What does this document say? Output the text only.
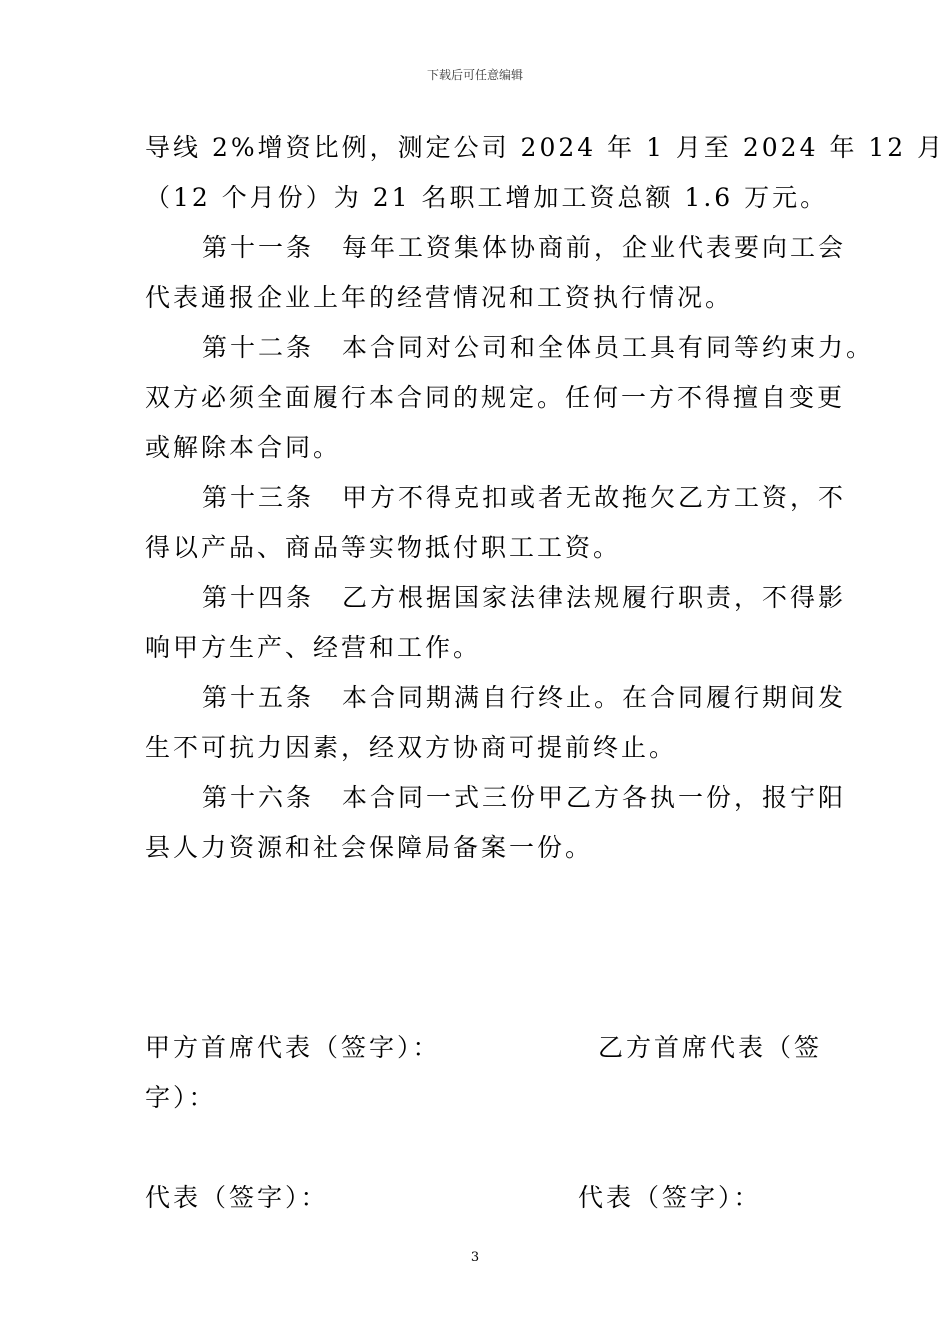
下载后可任意编辑
导线 2%增资比例，测定公司 2024 年 1 月至 2024 年 12 月
（12 个月份）为 21 名职工增加工资总额 1.6 万元。
第十一条　每年工资集体协商前，企业代表要向工会
代表通报企业上年的经营情况和工资执行情况。
第十二条　本合同对公司和全体员工具有同等约束力。
双方必须全面履行本合同的规定。任何一方不得擅自变更
或解除本合同。
第十三条　甲方不得克扣或者无故拖欠乙方工资，不
得以产品、商品等实物抵付职工工资。
第十四条　乙方根据国家法律法规履行职责，不得影
响甲方生产、经营和工作。
第十五条　本合同期满自行终止。在合同履行期间发
生不可抗力因素，经双方协商可提前终止。
第十六条　本合同一式三份甲乙方各执一份，报宁阳
县人力资源和社会保障局备案一份。
甲方首席代表（签字）：	乙方首席代表（签
字）：
代表（签字）：	代表（签字）：
3
